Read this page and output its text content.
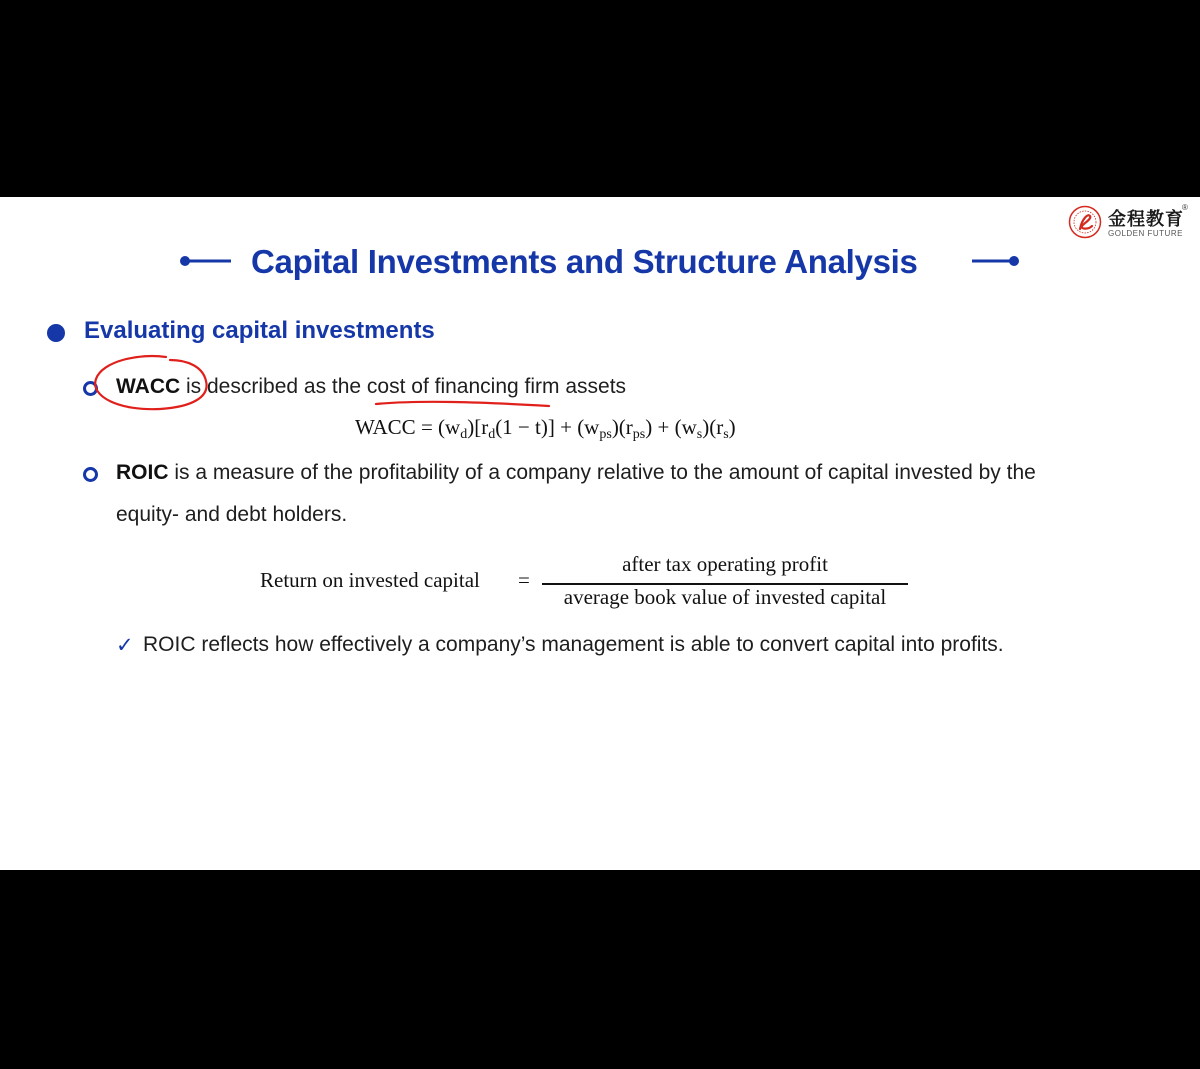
金程教育
®
GOLDEN FUTURE
Capital Investments and Structure Analysis
Evaluating capital investments
WACC is described as the cost of financing firm assets
WACC = $(w_d)[r_d(1 - t)] + (w_{ps})(r_{ps}) + (w_s)(r_s)$
ROIC is a measure of the profitability of a company relative to the amount of capital invested by the
equity- and debt holders.
Return on invested capital =
after tax operating profit
average book value of invested capital
✓ ROIC reflects how effectively a company’s management is able to convert capital into profits.
